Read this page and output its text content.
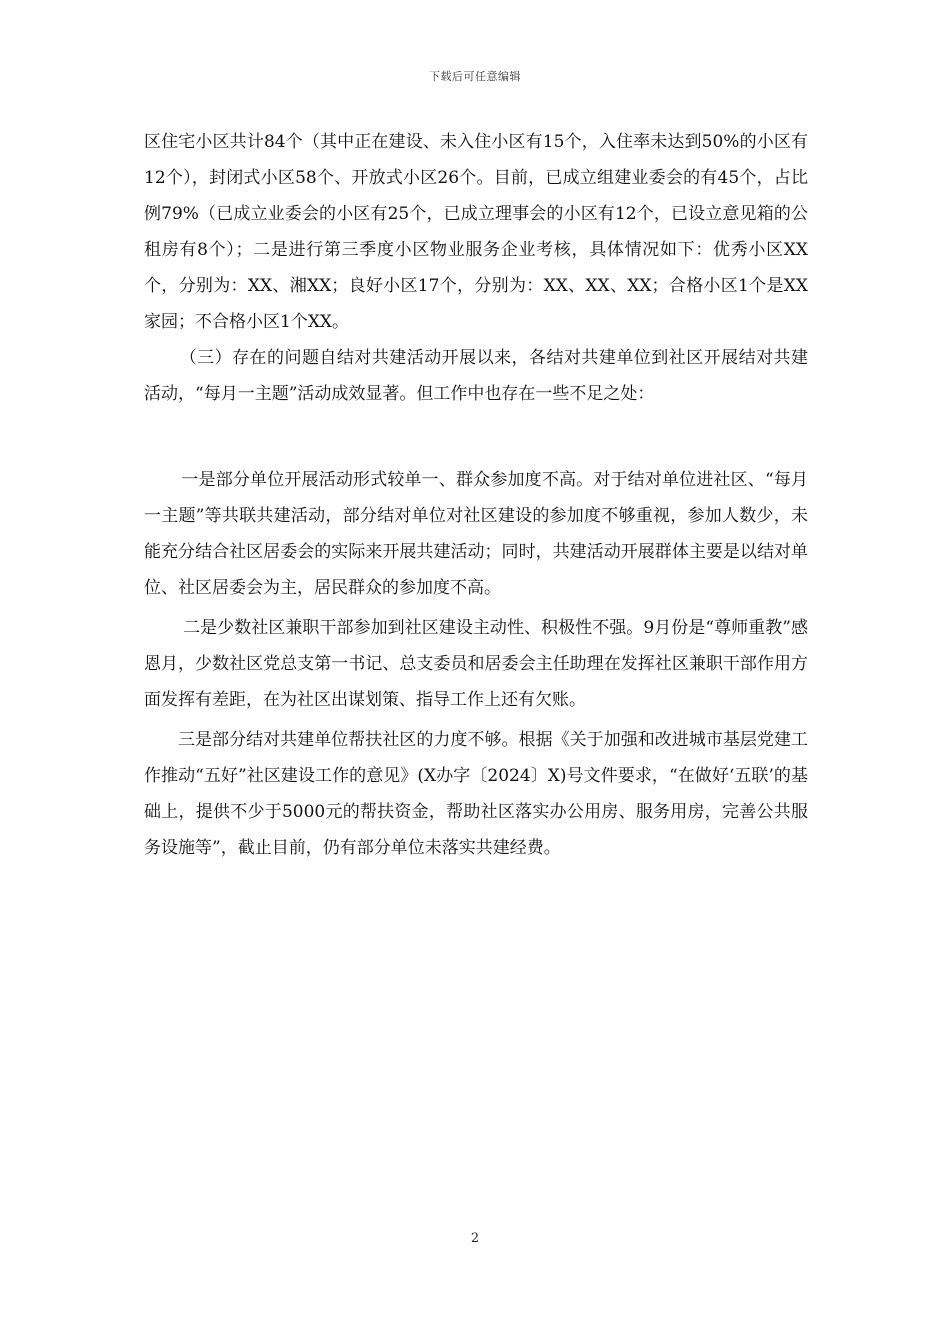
下载后可任意编辑

区住宅小区共计84个（其中正在建设、未入住小区有15个，入住率未达到50%的小区有12个），封闭式小区58个、开放式小区26个。目前，已成立组建业委会的有45个，占比例79%（已成立业委会的小区有25个，已成立理事会的小区有12个，已设立意见箱的公租房有8个）；二是进行第三季度小区物业服务企业考核，具体情况如下：优秀小区XX个，分别为：XX、湘XX；良好小区17个，分别为：XX、XX、XX；合格小区1个是XX家园；不合格小区1个XX。

（三）存在的问题自结对共建活动开展以来，各结对共建单位到社区开展结对共建活动，“每月一主题”活动成效显著。但工作中也存在一些不足之处：

一是部分单位开展活动形式较单一、群众参加度不高。对于结对单位进社区、“每月一主题”等共联共建活动，部分结对单位对社区建设的参加度不够重视，参加人数少，未能充分结合社区居委会的实际来开展共建活动；同时，共建活动开展群体主要是以结对单位、社区居委会为主，居民群众的参加度不高。

二是少数社区兼职干部参加到社区建设主动性、积极性不强。9月份是“尊师重教”感恩月，少数社区党总支第一书记、总支委员和居委会主任助理在发挥社区兼职干部作用方面发挥有差距，在为社区出谋划策、指导工作上还有欠账。

三是部分结对共建单位帮扶社区的力度不够。根据《关于加强和改进城市基层党建工作推动“五好”社区建设工作的意见》(X办字〔2024〕X)号文件要求，“在做好‘五联’的基础上，提供不少于5000元的帮扶资金，帮助社区落实办公用房、服务用房，完善公共服务设施等”，截止目前，仍有部分单位未落实共建经费。

2
